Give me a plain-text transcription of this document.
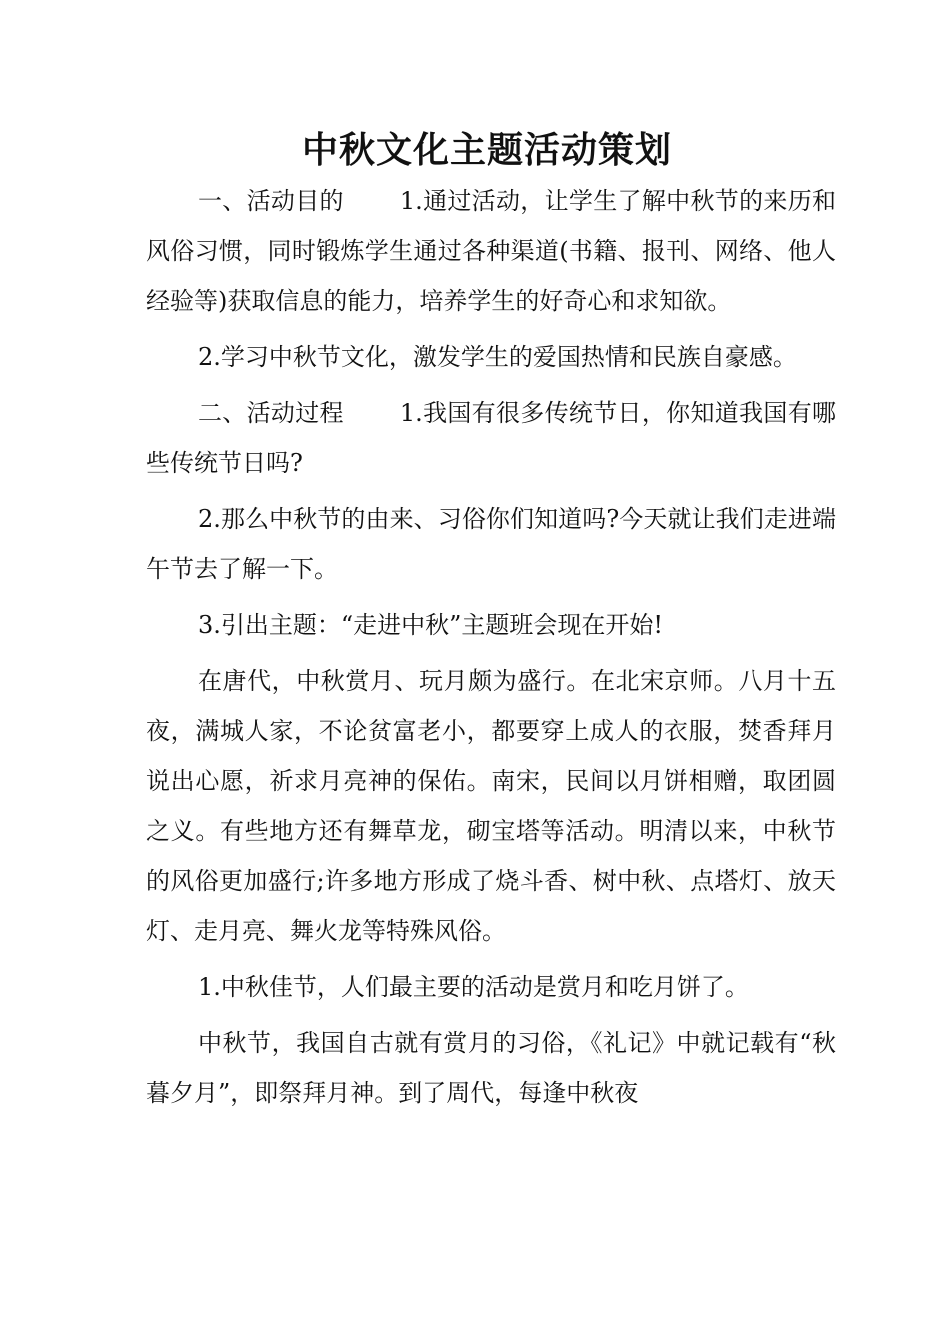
中秋文化主题活动策划

一、活动目的 1.通过活动，让学生了解中秋节的来历和风俗习惯，同时锻炼学生通过各种渠道(书籍、报刊、网络、他人经验等)获取信息的能力，培养学生的好奇心和求知欲。

2.学习中秋节文化，激发学生的爱国热情和民族自豪感。

二、活动过程 1.我国有很多传统节日，你知道我国有哪些传统节日吗?

2.那么中秋节的由来、习俗你们知道吗?今天就让我们走进端午节去了解一下。

3.引出主题：“走进中秋”主题班会现在开始!

在唐代，中秋赏月、玩月颇为盛行。在北宋京师。八月十五夜，满城人家，不论贫富老小，都要穿上成人的衣服，焚香拜月说出心愿，祈求月亮神的保佑。南宋，民间以月饼相赠，取团圆之义。有些地方还有舞草龙，砌宝塔等活动。明清以来，中秋节的风俗更加盛行;许多地方形成了烧斗香、树中秋、点塔灯、放天灯、走月亮、舞火龙等特殊风俗。

1.中秋佳节，人们最主要的活动是赏月和吃月饼了。

中秋节，我国自古就有赏月的习俗，《礼记》中就记载有“秋暮夕月”，即祭拜月神。到了周代，每逢中秋夜
